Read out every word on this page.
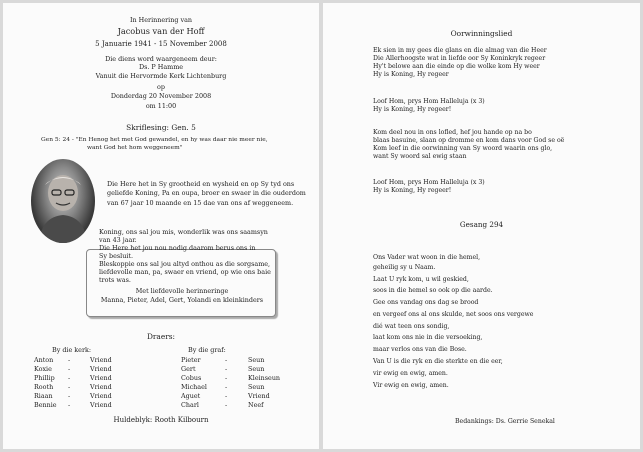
In Herinnering van
Jacobus van der Hoff
5 Januarie 1941 - 15 November 2008
Die diens word waargeneem deur:
Ds. P Hamme
Vanuit die Hervormde Kerk Lichtenburg
op
Donderdag 20 November 2008
om 11:00
Skriflesing: Gen. 5
Gen 5: 24 - "En Henog het met God gewandel, en hy was daar nie meer nie,
want God het hom weggeneem"
Die Here het in Sy grootheid en wysheid en op Sy tyd ons
geliefde Koning, Pa en oupa, broer en swaer in die ouderdom
van 67 jaar 10 maande en 15 dae van ons af weggeneem.
Koning, ons sal jou mis, wonderlik was ons saamsyn
van 43 jaar.
Die Here het jou nou nodig daarom berus ons in
Sy besluit.
Bleskoppie ons sal jou altyd onthou as die sorgsame,
liefdevolle man, pa, swaer en vriend, op wie ons baie
trots was.
Met liefdevolle herinneringe
Manna, Pieter, Adel, Gert, Yolandi en kleinkinders
Draers:
By die kerk:	By die graf:
Anton -	Vriend
Koxie	-	Vriend
Phillip -	Vriend
Rooth -	Vriend
Riaan -	Vriend
Bennie -	Vriend
Pieter	-	Seun
Gert	-	Seun
Cobus	-	Kleinseun
Michael	-	Seun
Aguet	-	Vriend
Charl	-	Neef
Huldeblyk: Rooth Kilbourn
Oorwinningslied
Ek sien in my gees die glans en die almag van die Heer
Die Allerhoogste wat in liefde oor Sy Koninkryk regeer
Hy't belowe aan die einde op die wolke kom Hy weer
Hy is Koning, Hy regeer
Loof Hom, prys Hom Halleluja (x 3)
Hy is Koning, Hy regeer!
Kom deel nou in ons lofled, hef jou hande op na bo
blaas basuine, slaan op dromme en kom dans voor God se oë
Kom leef in die oorwinning van Sy woord waarin ons glo,
want Sy woord sal ewig staan
Loof Hom, prys Hom Halleluja (x 3)
Hy is Koning, Hy regeer!
Gesang 294
Ons Vader wat woon in die hemel,
geheilig sy u Naam.
Laat U ryk kom, u wil geskied,
soos in die hemel so ook op die aarde.
Gee ons vandag ons dag se brood
en vergeef ons al ons skulde, net soos ons vergewe
dié wat teen ons sondig,
laat kom ons nie in die versoeking,
maar verlos ons van die Bose.
Van U is die ryk en die sterkte en die eer,
vir ewig en ewig, amen.
Vir ewig en ewig, amen.
Bedankings: Ds. Gerrie Senekal
